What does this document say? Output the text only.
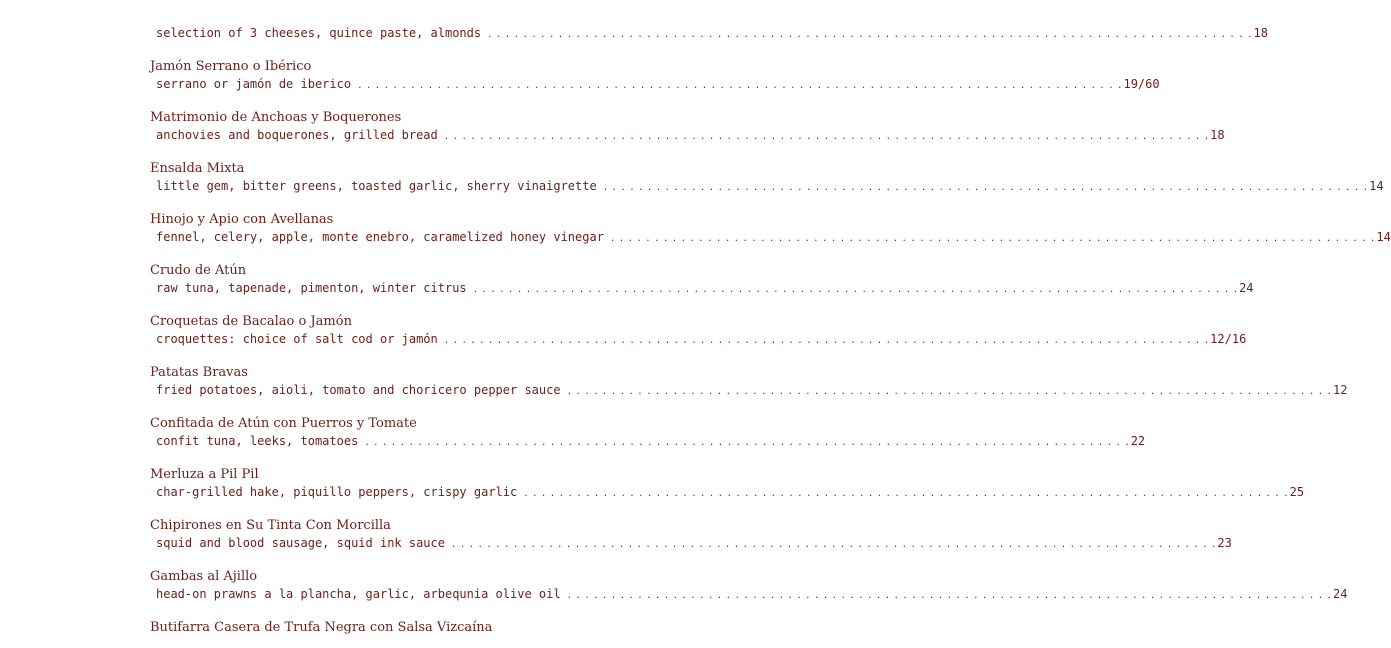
selection of 3 cheeses, quince paste, almonds . . .	18
Jamón Serrano o Ibérico
serrano or jamón de iberico . . .	19/60
Matrimonio de Anchoas y Boquerones
anchovies and boquerones, grilled bread . . .	18
Ensalda Mixta
little gem, bitter greens, toasted garlic, sherry vinaigrette . . .	14
Hinojo y Apio con Avellanas
fennel, celery, apple, monte enebro, caramelized honey vinegar . . .	14
Crudo de Atún
raw tuna, tapenade, pimenton, winter citrus . . .	24
Croquetas de Bacalao o Jamón
croquettes: choice of salt cod or jamón . . .	12/16
Patatas Bravas
fried potatoes, aioli, tomato and choricero pepper sauce . . .	12
Confitada de Atún con Puerros y Tomate
confit tuna, leeks, tomatoes . . .	22
Merluza a Pil Pil
char-grilled hake, piquillo peppers, crispy garlic . . .	25
Chipirones en Su Tinta Con Morcilla
squid and blood sausage, squid ink sauce . . .	23
Gambas al Ajillo
head-on prawns a la plancha, garlic, arbequnia olive oil . . .	24
Butifarra Casera de Trufa Negra con Salsa Vizcaína
